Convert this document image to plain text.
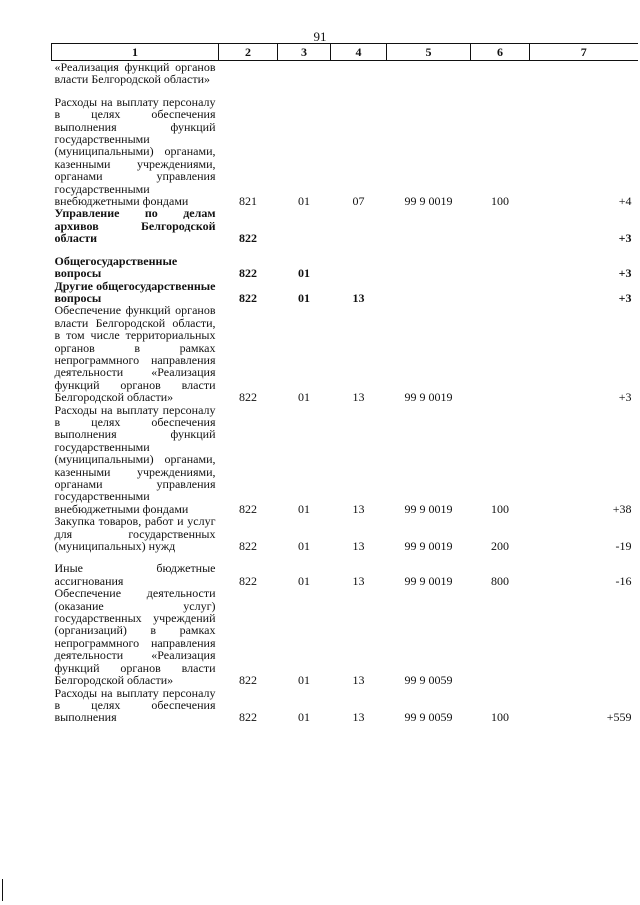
91
1	2	3	4	5	6	7
«Реализация функций органов власти Белгородской области»						
Расходы на выплату персоналу в целях обеспечения выполнения функций государственными (муниципальными) органами, казенными учреждениями, органами управления государственными внебюджетными фондами	821	01	07	99 9 0019	100	+4
Управление по делам архивов Белгородской области	822					+3
Общегосударственные вопросы	822	01				+3
Другие общегосударственные вопросы	822	01	13			+3
Обеспечение функций органов власти Белгородской области, в том числе территориальных органов в рамках непрограммного направления деятельности «Реализация функций органов власти Белгородской области»	822	01	13	99 9 0019		+3
Расходы на выплату персоналу в целях обеспечения выполнения функций государственными (муниципальными) органами, казенными учреждениями, органами управления государственными внебюджетными фондами	822	01	13	99 9 0019	100	+38
Закупка товаров, работ и услуг для государственных (муниципальных) нужд	822	01	13	99 9 0019	200	-19
Иные бюджетные ассигнования	822	01	13	99 9 0019	800	-16
Обеспечение деятельности (оказание услуг) государственных учреждений (организаций) в рамках непрограммного направления деятельности «Реализация функций органов власти Белгородской области»	822	01	13	99 9 0059		
Расходы на выплату персоналу в целях обеспечения выполнения	822	01	13	99 9 0059	100	+559
